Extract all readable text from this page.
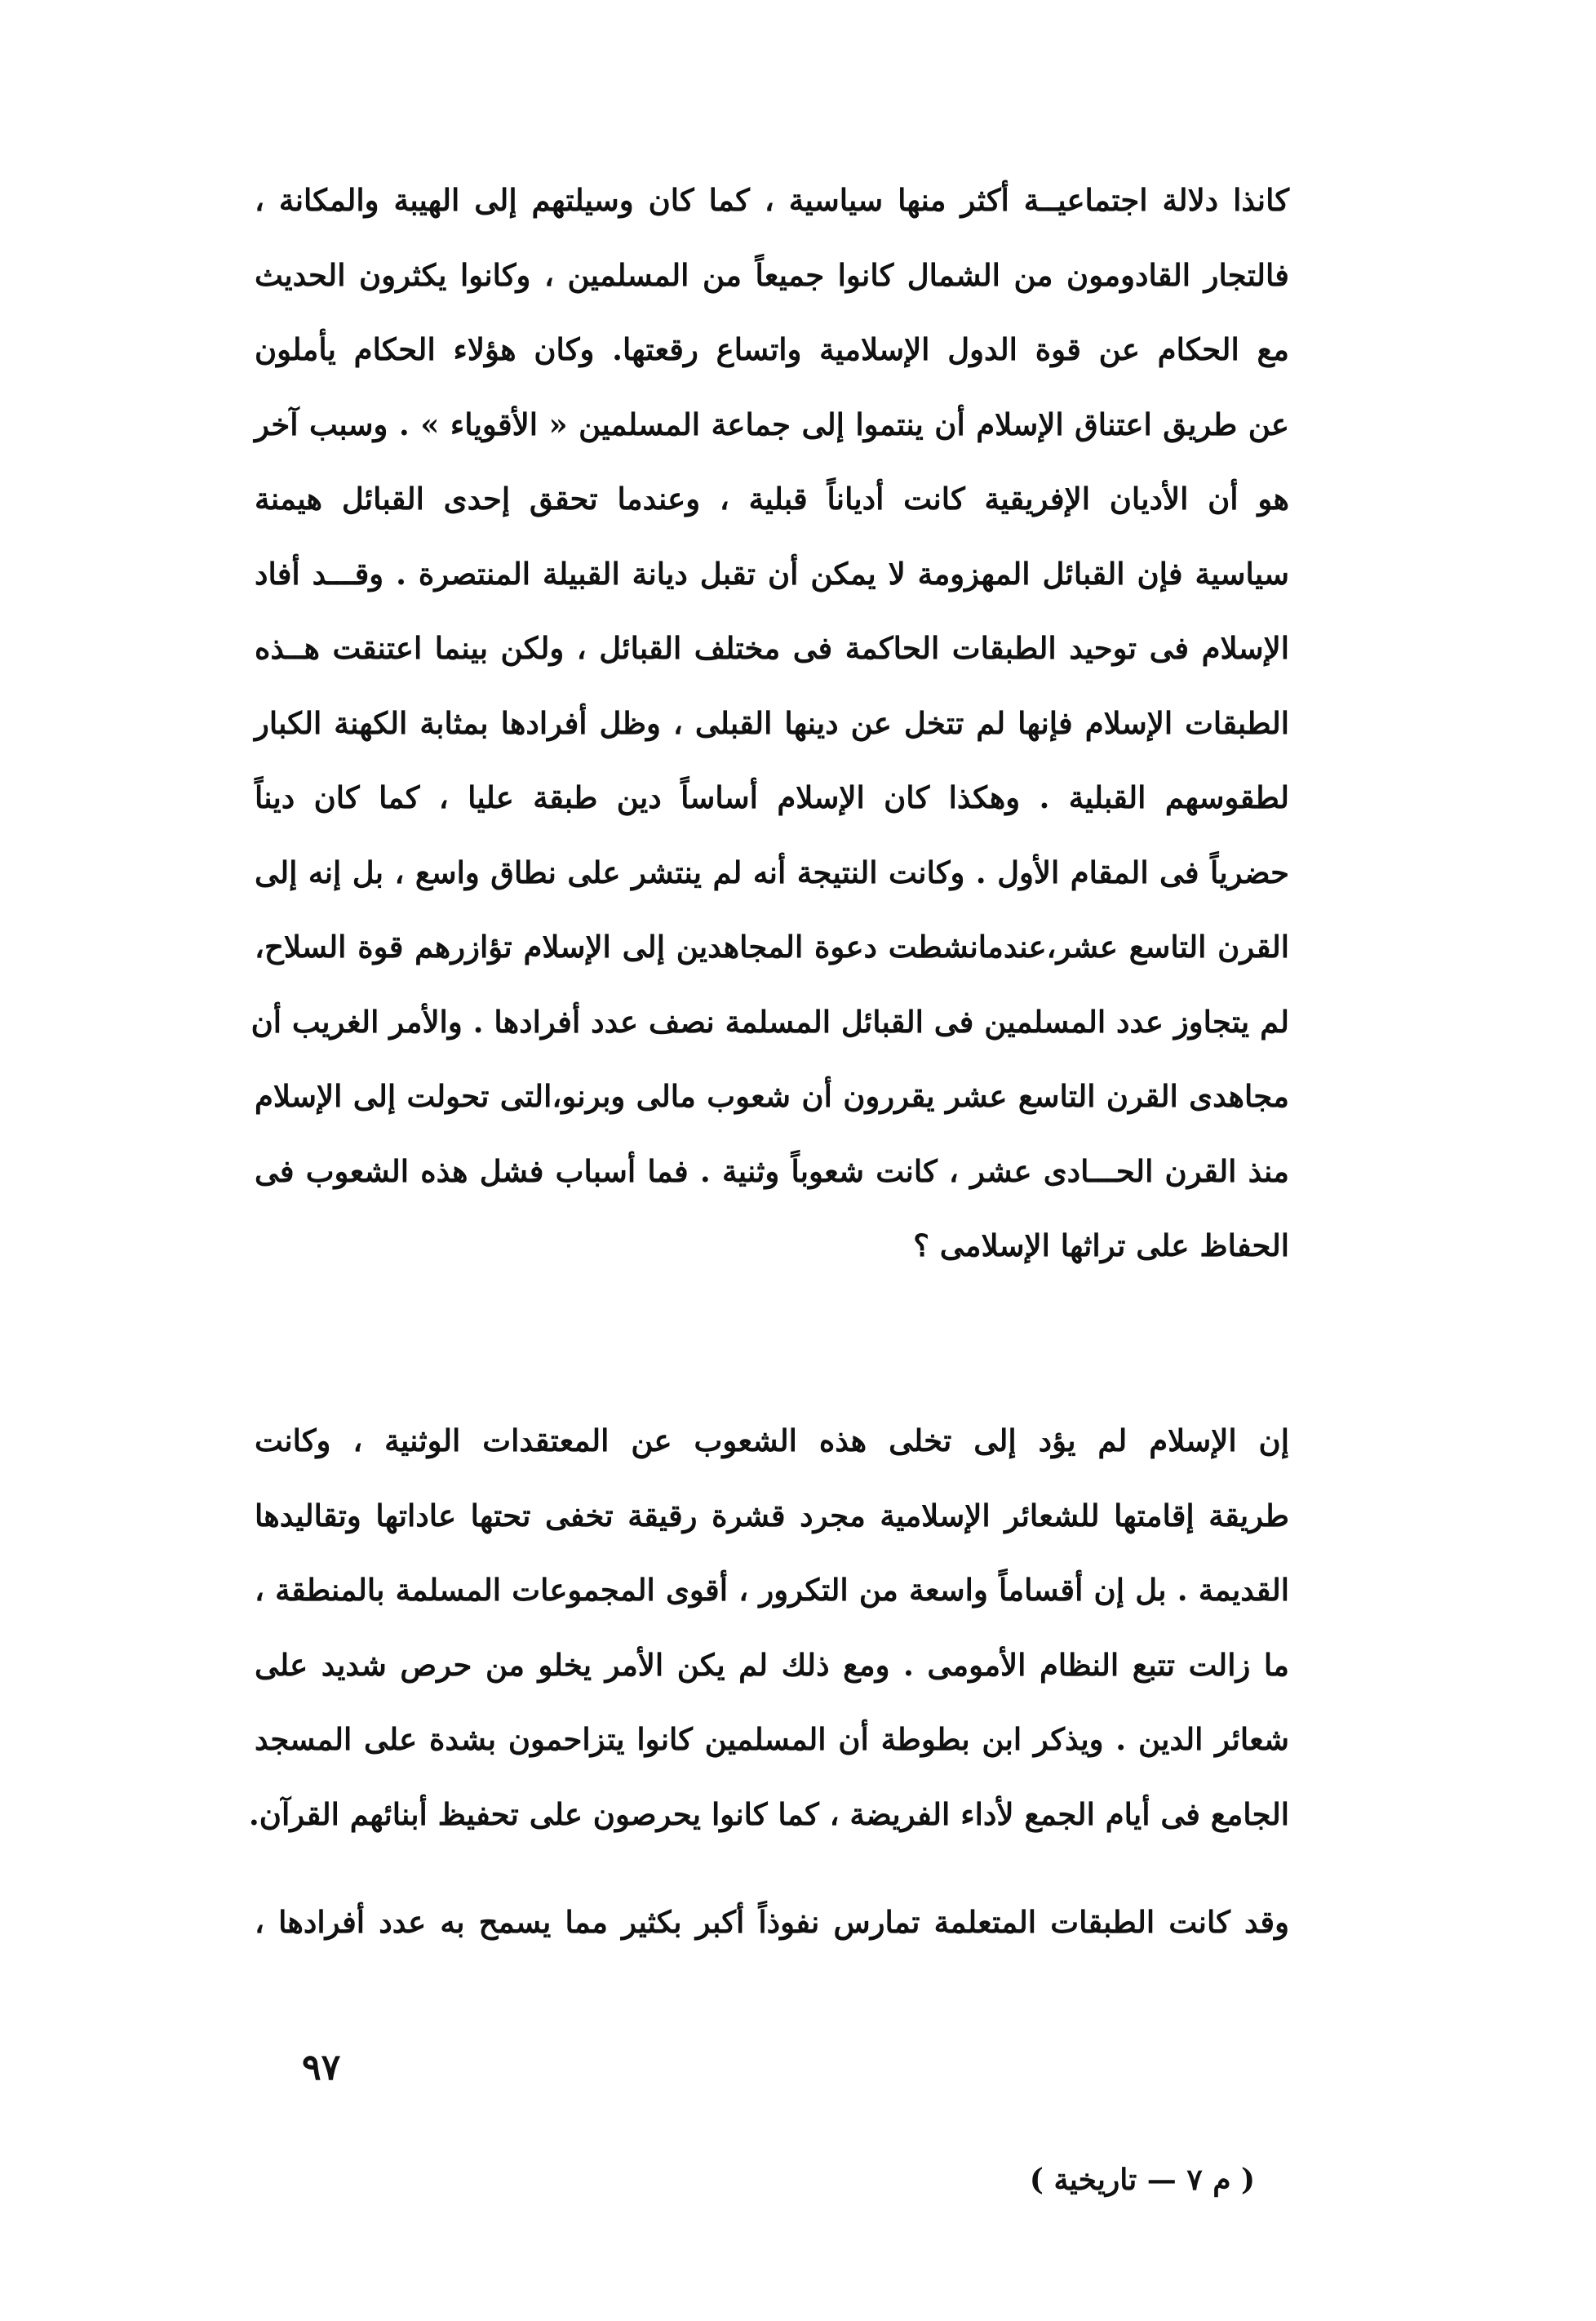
كانذا دلالة اجتماعيــة أكثر منها سياسية ، كما كان وسيلتهم إلى الهيبة والمكانة ،
فالتجار القادومون من الشمال كانوا جميعاً من المسلمين ، وكانوا يكثرون الحديث
مع الحكام عن قوة الدول الإسلامية واتساع رقعتها. وكان هؤلاء الحكام يأملون
عن طريق اعتناق الإسلام أن ينتموا إلى جماعة المسلمين « الأقوياء » . وسبب آخر
هو أن الأديان الإفريقية كانت أدياناً قبلية ، وعندما تحقق إحدى القبائل هيمنة
سياسية فإن القبائل المهزومة لا يمكن أن تقبل ديانة القبيلة المنتصرة . وقـــد أفاد
الإسلام فى توحيد الطبقات الحاكمة فى مختلف القبائل ، ولكن بينما اعتنقت هــذه
الطبقات الإسلام فإنها لم تتخل عن دينها القبلى ، وظل أفرادها بمثابة الكهنة الكبار
لطقوسهم القبلية . وهكذا كان الإسلام أساساً دين طبقة عليا ، كما كان ديناً
حضرياً فى المقام الأول . وكانت النتيجة أنه لم ينتشر على نطاق واسع ، بل إنه إلى
القرن التاسع عشر،عندمانشطت دعوة المجاهدين إلى الإسلام تؤازرهم قوة السلاح،
لم يتجاوز عدد المسلمين فى القبائل المسلمة نصف عدد أفرادها . والأمر الغريب أن
مجاهدى القرن التاسع عشر يقررون أن شعوب مالى وبرنو،التى تحولت إلى الإسلام
منذ القرن الحـــادى عشر ، كانت شعوباً وثنية . فما أسباب فشل هذه الشعوب فى
الحفاظ على تراثها الإسلامى ؟
إن الإسلام لم يؤد إلى تخلى هذه الشعوب عن المعتقدات الوثنية ، وكانت
طريقة إقامتها للشعائر الإسلامية مجرد قشرة رقيقة تخفى تحتها عاداتها وتقاليدها
القديمة . بل إن أقساماً واسعة من التكرور ، أقوى المجموعات المسلمة بالمنطقة ،
ما زالت تتبع النظام الأمومى . ومع ذلك لم يكن الأمر يخلو من حرص شديد على
شعائر الدين . ويذكر ابن بطوطة أن المسلمين كانوا يتزاحمون بشدة على المسجد
الجامع فى أيام الجمع لأداء الفريضة ، كما كانوا يحرصون على تحفيظ أبنائهم القرآن.
وقد كانت الطبقات المتعلمة تمارس نفوذاً أكبر بكثير مما يسمح به عدد أفرادها ،
٩٧
( م ٧ — تاريخية )
